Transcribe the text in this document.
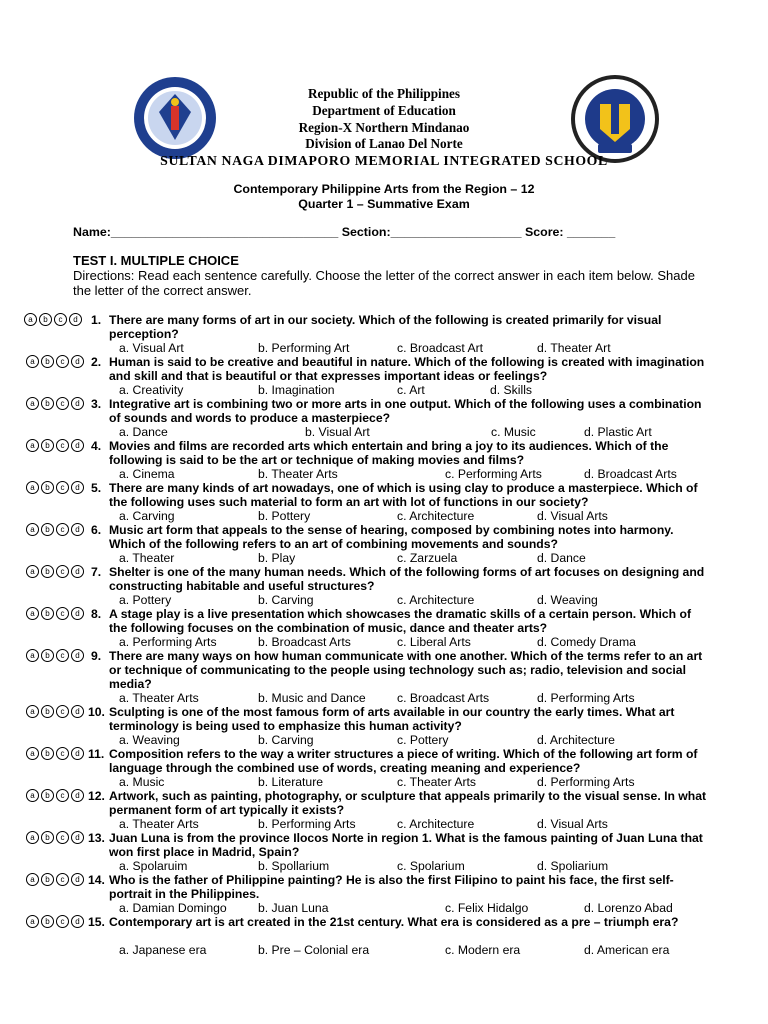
Republic of the Philippines
Department of Education
Region-X Northern Mindanao
Division of Lanao Del Norte
SULTAN NAGA DIMAPORO MEMORIAL INTEGRATED SCHOOL
Contemporary Philippine Arts from the Region – 12
Quarter 1 – Summative Exam
Name:_________________________________ Section:___________________ Score: _______
TEST I. MULTIPLE CHOICE
Directions: Read each sentence carefully. Choose the letter of the correct answer in each item below. Shade the letter of the correct answer.
a b c d	1. There are many forms of art in our society. Which of the following is created primarily for visual perception?
a. Visual Art	b. Performing Art	c. Broadcast Art	d. Theater Art
a b c d 2. Human is said to be creative and beautiful in nature. Which of the following is created with imagination and skill and that is beautiful or that expresses important ideas or feelings?
a. Creativity	b. Imagination	c. Art	d. Skills
a b c d 3. Integrative art is combining two or more arts in one output. Which of the following uses a combination of sounds and words to produce a masterpiece?
a. Dance	b. Visual Art	c. Music	d. Plastic Art
a b c d 4. Movies and films are recorded arts which entertain and bring a joy to its audiences. Which of the following is said to be the art or technique of making movies and films?
a. Cinema	b. Theater Arts	c. Performing Arts	d. Broadcast Arts
a b c d 5. There are many kinds of art nowadays, one of which is using clay to produce a masterpiece. Which of the following uses such material to form an art with lot of functions in our society?
a. Carving	b. Pottery	c. Architecture	d. Visual Arts
a b c d 6. Music art form that appeals to the sense of hearing, composed by combining notes into harmony. Which of the following refers to an art of combining movements and sounds?
a. Theater	b. Play	c. Zarzuela	d. Dance
a b c d 7. Shelter is one of the many human needs. Which of the following forms of art focuses on designing and constructing habitable and useful structures?
a. Pottery	b. Carving	c. Architecture	d. Weaving
a b c d 8. A stage play is a live presentation which showcases the dramatic skills of a certain person. Which of the following focuses on the combination of music, dance and theater arts?
a. Performing Arts	b. Broadcast Arts	c. Liberal Arts	d. Comedy Drama
a b c d 9. There are many ways on how human communicate with one another. Which of the terms refer to an art or technique of communicating to the people using technology such as; radio, television and social media?
a. Theater Arts	b. Music and Dance	c. Broadcast Arts	d. Performing Arts
a b c d 10. Sculpting is one of the most famous form of arts available in our country the early times. What art terminology is being used to emphasize this human activity?
a. Weaving	b. Carving	c. Pottery	d. Architecture
a b c d 11. Composition refers to the way a writer structures a piece of writing. Which of the following art form of language through the combined use of words, creating meaning and experience?
a. Music	b. Literature	c. Theater Arts	d. Performing Arts
a b c d 12. Artwork, such as painting, photography, or sculpture that appeals primarily to the visual sense. In what permanent form of art typically it exists?
a. Theater Arts	b. Performing Arts	c. Architecture	d. Visual Arts
a b c d 13. Juan Luna is from the province Ilocos Norte in region 1. What is the famous painting of Juan Luna that won first place in Madrid, Spain?
a. Spolaruim	b. Spollarium	c. Spolarium	d. Spoliarium
a b c d 14. Who is the father of Philippine painting? He is also the first Filipino to paint his face, the first self-portrait in the Philippines.
a. Damian Domingo	b. Juan Luna	c. Felix Hidalgo	d. Lorenzo Abad
a b c d 15. Contemporary art is art created in the 21st century. What era is considered as a pre – triumph era?
a. Japanese era	b. Pre – Colonial era	c. Modern era	d. American era
